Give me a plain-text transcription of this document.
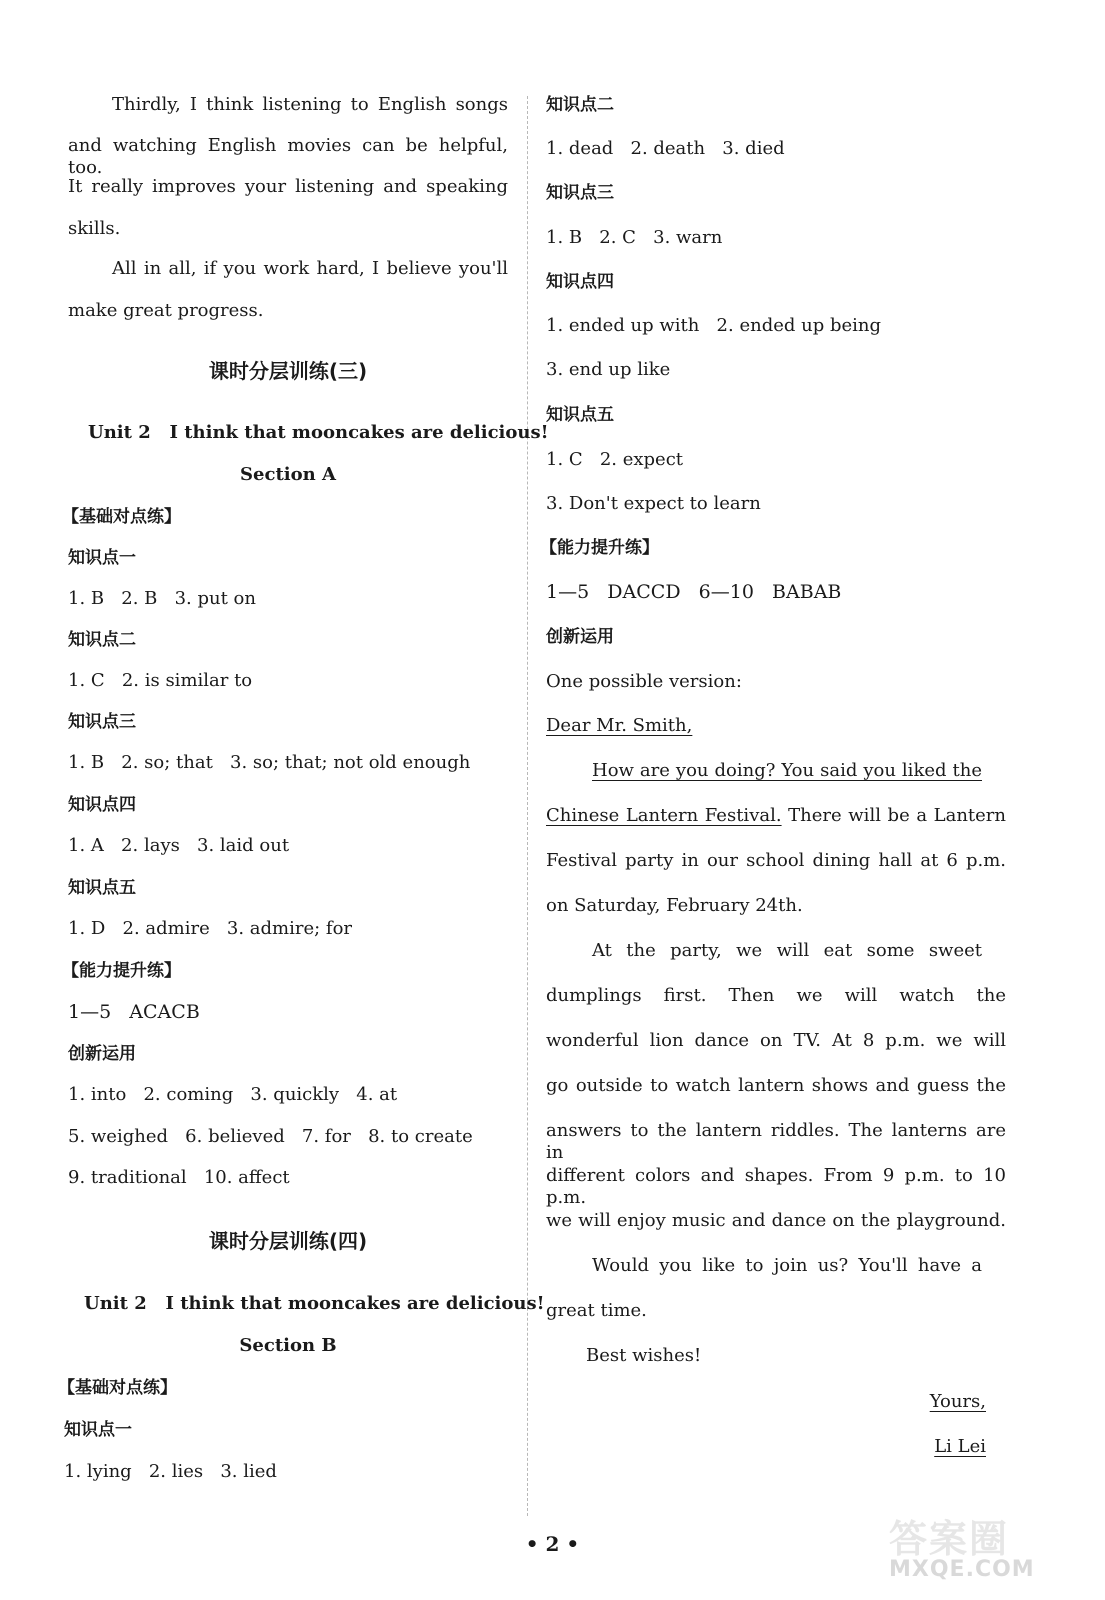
Thirdly, I think listening to English songs
and watching English movies can be helpful, too.
It really improves your listening and speaking
skills.
All in all, if you work hard, I believe you'll
make great progress.
课时分层训练(三)
Unit 2   I think that mooncakes are delicious!
Section A
【基础对点练】
知识点一
1. B   2. B   3. put on
知识点二
1. C   2. is similar to
知识点三
1. B   2. so; that   3. so; that; not old enough
知识点四
1. A   2. lays   3. laid out
知识点五
1. D   2. admire   3. admire; for
【能力提升练】
1—5   ACACB
创新运用
1. into   2. coming   3. quickly   4. at
5. weighed   6. believed   7. for   8. to create
9. traditional   10. affect
课时分层训练(四)
Unit 2   I think that mooncakes are delicious!
Section B
【基础对点练】
知识点一
1. lying   2. lies   3. lied
知识点二
1. dead   2. death   3. died
知识点三
1. B   2. C   3. warn
知识点四
1. ended up with   2. ended up being
3. end up like
知识点五
1. C   2. expect
3. Don't expect to learn
【能力提升练】
1—5   DACCD   6—10   BABAB
创新运用
One possible version:
Dear Mr. Smith,
How are you doing? You said you liked the
Chinese Lantern Festival. There will be a Lantern
Festival party in our school dining hall at 6 p.m.
on Saturday, February 24th.
At the party, we will eat some sweet
dumplings first. Then we will watch the
wonderful lion dance on TV. At 8 p.m. we will
go outside to watch lantern shows and guess the
answers to the lantern riddles. The lanterns are in
different colors and shapes. From 9 p.m. to 10 p.m.
we will enjoy music and dance on the playground.
Would you like to join us? You'll have a
great time.
Best wishes!
Yours,
Li Lei
• 2 •	答案圈
MXQE.COM
